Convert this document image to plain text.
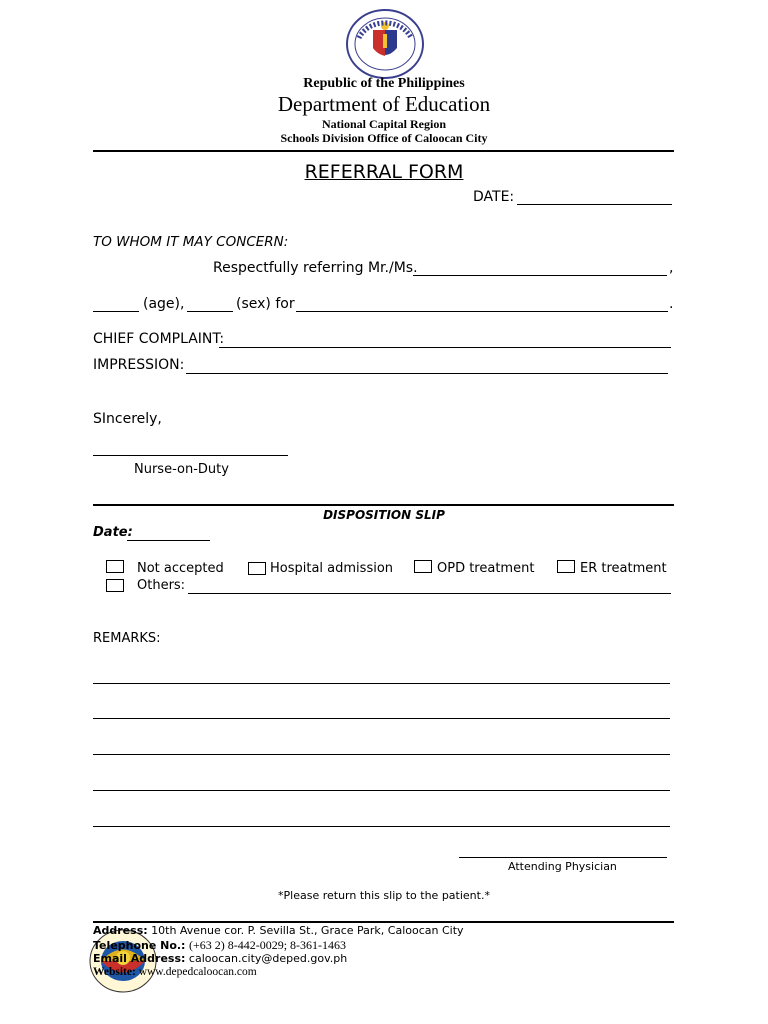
Republic of the Philippines
Department of Education
National Capital Region
Schools Division Office of Caloocan City
REFERRAL FORM
DATE:
TO WHOM IT MAY CONCERN:
Respectfully referring Mr./Ms.	,
(age),	(sex) for	.
CHIEF COMPLAINT:
IMPRESSION:
SIncerely,
Nurse-on-Duty
DISPOSITION SLIP
Date:
Not accepted	Hospital admission	OPD treatment	ER treatment
Others:
REMARKS:
Attending Physician
*Please return this slip to the patient.*
Address: 10th Avenue cor. P. Sevilla St., Grace Park, Caloocan City
Telephone No.: (+63 2) 8-442-0029; 8-361-1463
Email Address: caloocan.city@deped.gov.ph
Website: www.depedcaloocan.com
